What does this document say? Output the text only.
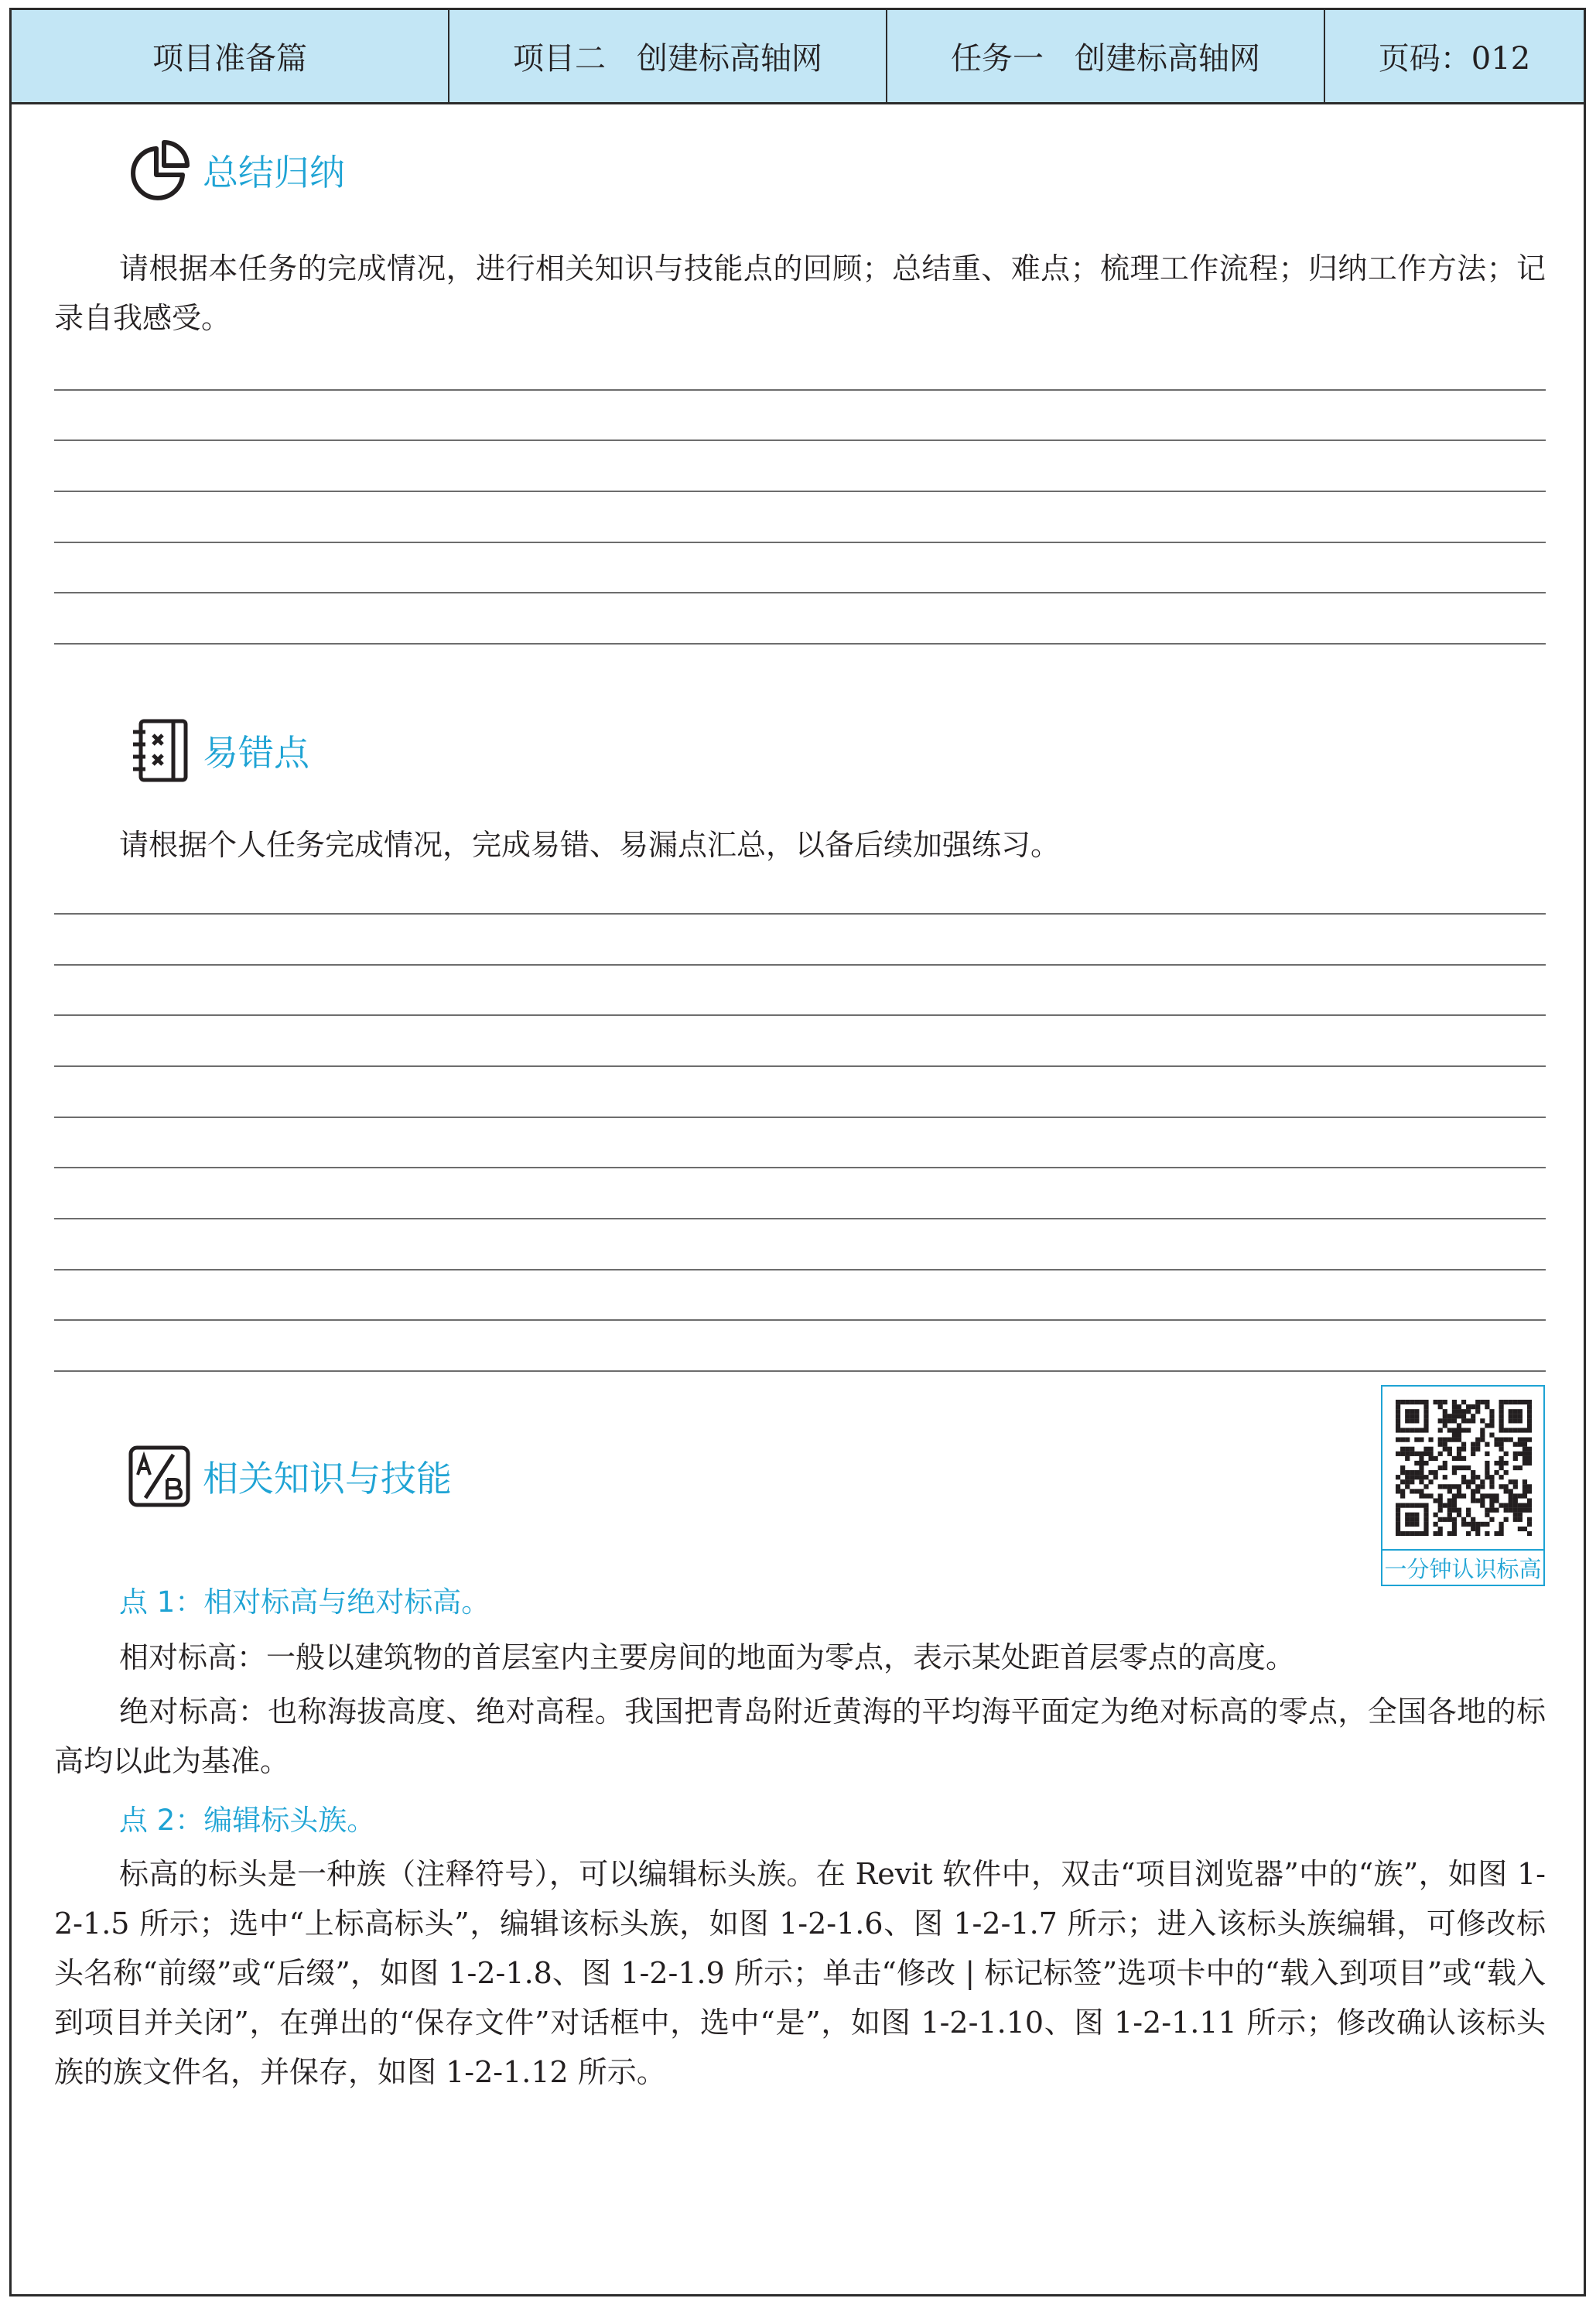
项目准备篇	项目二　创建标高轴网	任务一　创建标高轴网	页码：012
总结归纳

请根据本任务的完成情况，进行相关知识与技能点的回顾；总结重、难点；梳理工作流程；归纳工作方法；记录自我感受。

易错点

请根据个人任务完成情况，完成易错、易漏点汇总，以备后续加强练习。

相关知识与技能
一分钟认识标高
点 1：相对标高与绝对标高。

相对标高：一般以建筑物的首层室内主要房间的地面为零点，表示某处距首层零点的高度。

绝对标高：也称海拔高度、绝对高程。我国把青岛附近黄海的平均海平面定为绝对标高的零点，全国各地的标高均以此为基准。

点 2：编辑标头族。

标高的标头是一种族（注释符号），可以编辑标头族。在 Revit 软件中，双击“项目浏览器”中的“族”，如图 1-2-1.5 所示；选中“上标高标头”，编辑该标头族，如图 1-2-1.6、图 1-2-1.7 所示；进入该标头族编辑，可修改标头名称“前缀”或“后缀”，如图 1-2-1.8、图 1-2-1.9 所示；单击“修改 | 标记标签”选项卡中的“载入到项目”或“载入到项目并关闭”，在弹出的“保存文件”对话框中，选中“是”，如图 1-2-1.10、图 1-2-1.11 所示；修改确认该标头族的族文件名，并保存，如图 1-2-1.12 所示。
